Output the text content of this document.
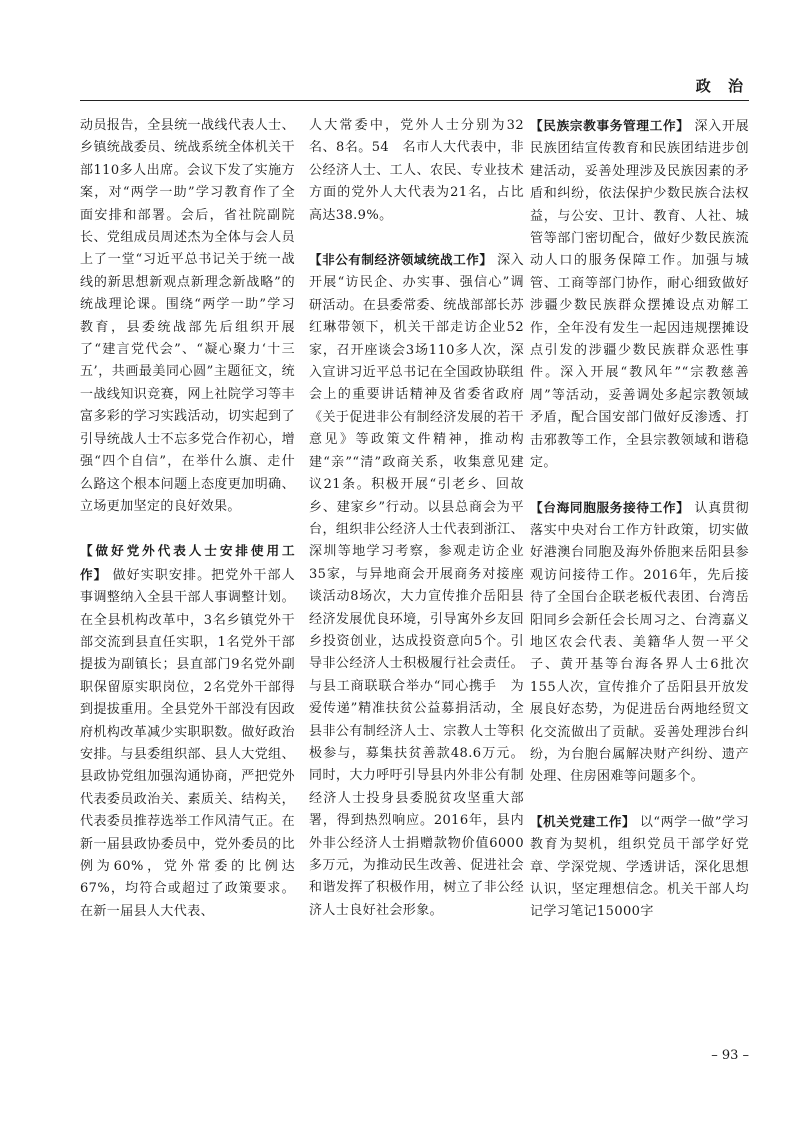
政 治

动员报告，全县统一战线代表人士、乡镇统战委员、统战系统全体机关干部110多人出席。会议下发了实施方案，对“两学一助”学习教育作了全面安排和部署。会后，省社院副院长、党组成员周述杰为全体与会人员上了一堂“习近平总书记关于统一战线的新思想新观点新理念新战略”的统战理论课。围绕“两学一助”学习教育，县委统战部先后组织开展了“建言党代会”、“凝心聚力‘十三五’，共画最美同心圆”主题征文，统一战线知识竞赛，网上社院学习等丰富多彩的学习实践活动，切实起到了引导统战人士不忘多党合作初心，增强“四个自信”，在举什么旗、走什么路这个根本问题上态度更加明确、立场更加坚定的良好效果。

【做好党外代表人士安排使用工作】 做好实职安排。把党外干部人事调整纳入全县干部人事调整计划。在全县机构改革中，3名乡镇党外干部交流到县直任实职，1名党外干部提拔为副镇长；县直部门9名党外副职保留原实职岗位，2名党外干部得到提拔重用。全县党外干部没有因政府机构改革减少实职职数。做好政治安排。与县委组织部、县人大党组、县政协党组加强沟通协商，严把党外代表委员政治关、素质关、结构关，代表委员推荐选举工作风清气正。在新一届县政协委员中，党外委员的比例为60%，党外常委的比例达67%，均符合或超过了政策要求。在新一届县人大代表、

人大常委中，党外人士分别为32名、8名。54　名市人大代表中，非公经济人士、工人、农民、专业技术方面的党外人大代表为21名，占比高达38.9%。

【非公有制经济领域统战工作】 深入开展“访民企、办实事、强信心”调研活动。在县委常委、统战部部长苏红琳带领下，机关干部走访企业52家，召开座谈会3场110多人次，深入宣讲习近平总书记在全国政协联组会上的重要讲话精神及省委省政府《关于促进非公有制经济发展的若干意见》等政策文件精神，推动构建“亲”“清”政商关系，收集意见建议21条。积极开展“引老乡、回故乡、建家乡”行动。以县总商会为平台，组织非公经济人士代表到浙江、深圳等地学习考察，参观走访企业35家，与异地商会开展商务对接座谈活动8场次，大力宣传推介岳阳县经济发展优良环境，引导寓外乡友回乡投资创业，达成投资意向5个。引导非公经济人士积极履行社会责任。与县工商联联合举办“同心携手　为爱传递”精准扶贫公益募捐活动，全县非公有制经济人士、宗教人士等积极参与，募集扶贫善款48.6万元。同时，大力呼吁引导县内外非公有制经济人士投身县委脱贫攻坚重大部署，得到热烈响应。2016年，县内外非公经济人士捐赠款物价值6000多万元，为推动民生改善、促进社会和谐发挥了积极作用，树立了非公经济人士良好社会形象。

【民族宗教事务管理工作】 深入开展民族团结宣传教育和民族团结进步创建活动，妥善处理涉及民族因素的矛盾和纠纷，依法保护少数民族合法权益，与公安、卫计、教育、人社、城管等部门密切配合，做好少数民族流动人口的服务保障工作。加强与城管、工商等部门协作，耐心细致做好涉疆少数民族群众摆摊设点劝解工作，全年没有发生一起因违规摆摊设点引发的涉疆少数民族群众恶性事件。深入开展“教风年”“宗教慈善周”等活动，妥善调处多起宗教领域矛盾，配合国安部门做好反渗透、打击邪教等工作，全县宗教领域和谐稳定。

【台海同胞服务接待工作】 认真贯彻落实中央对台工作方针政策，切实做好港澳台同胞及海外侨胞来岳阳县参观访问接待工作。2016年，先后接待了全国台企联老板代表团、台湾岳阳同乡会新任会长周习之、台湾嘉义地区农会代表、美籍华人贺一平父子、黄开基等台海各界人士6批次155人次，宣传推介了岳阳县开放发展良好态势，为促进岳台两地经贸文化交流做出了贡献。妥善处理涉台纠纷，为台胞台属解决财产纠纷、遗产处理、住房困难等问题多个。

【机关党建工作】 以“两学一做”学习教育为契机，组织党员干部学好党章、学深党规、学透讲话，深化思想认识，坚定理想信念。机关干部人均记学习笔记15000字

– 93 –
